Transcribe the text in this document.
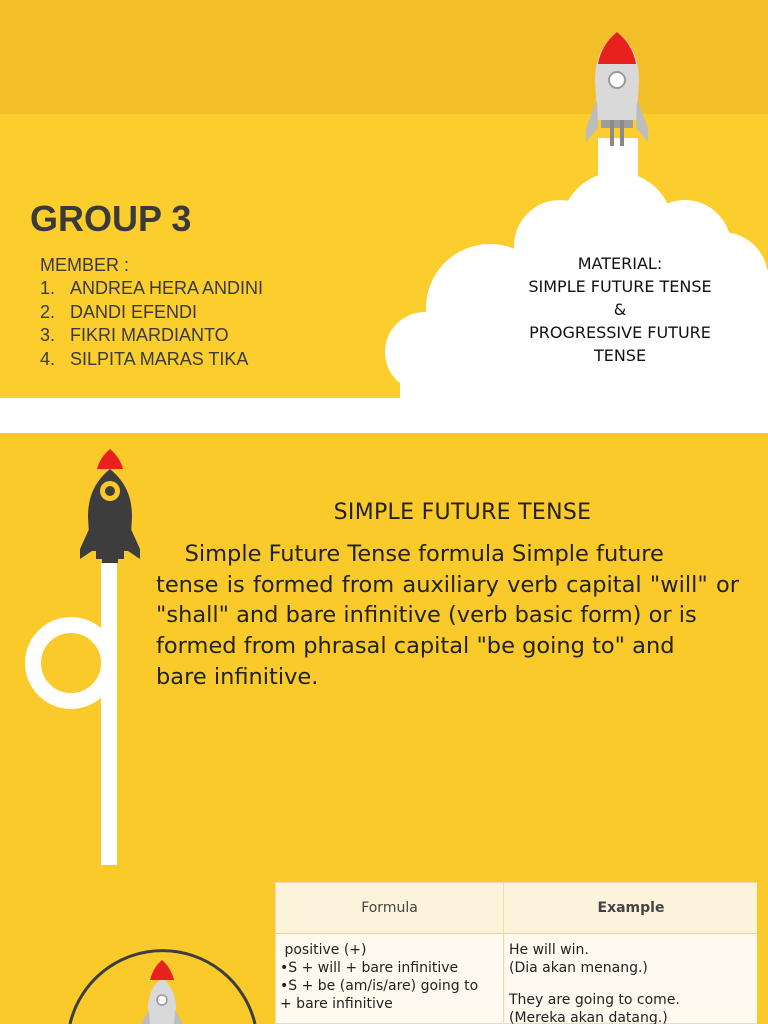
GROUP 3
MEMBER :
1. ANDREA HERA ANDINI
2. DANDI EFENDI
3. FIKRI MARDIANTO
4. SILPITA MARAS TIKA
MATERIAL:
SIMPLE FUTURE TENSE
&
PROGRESSIVE FUTURE
TENSE
SIMPLE FUTURE TENSE

Simple Future Tense formula Simple future

tense is formed from auxiliary verb capital "will" or "shall" and bare infinitive (verb basic form) or is

formed from phrasal capital "be going to" and

bare infinitive.

Formula	Example
positive (+)
•S + will + bare infinitive
•S + be (am/is/are) going to
+ bare infinitive
He will win.
(Dia akan menang.)
They are going to come.
(Mereka akan datang.)
